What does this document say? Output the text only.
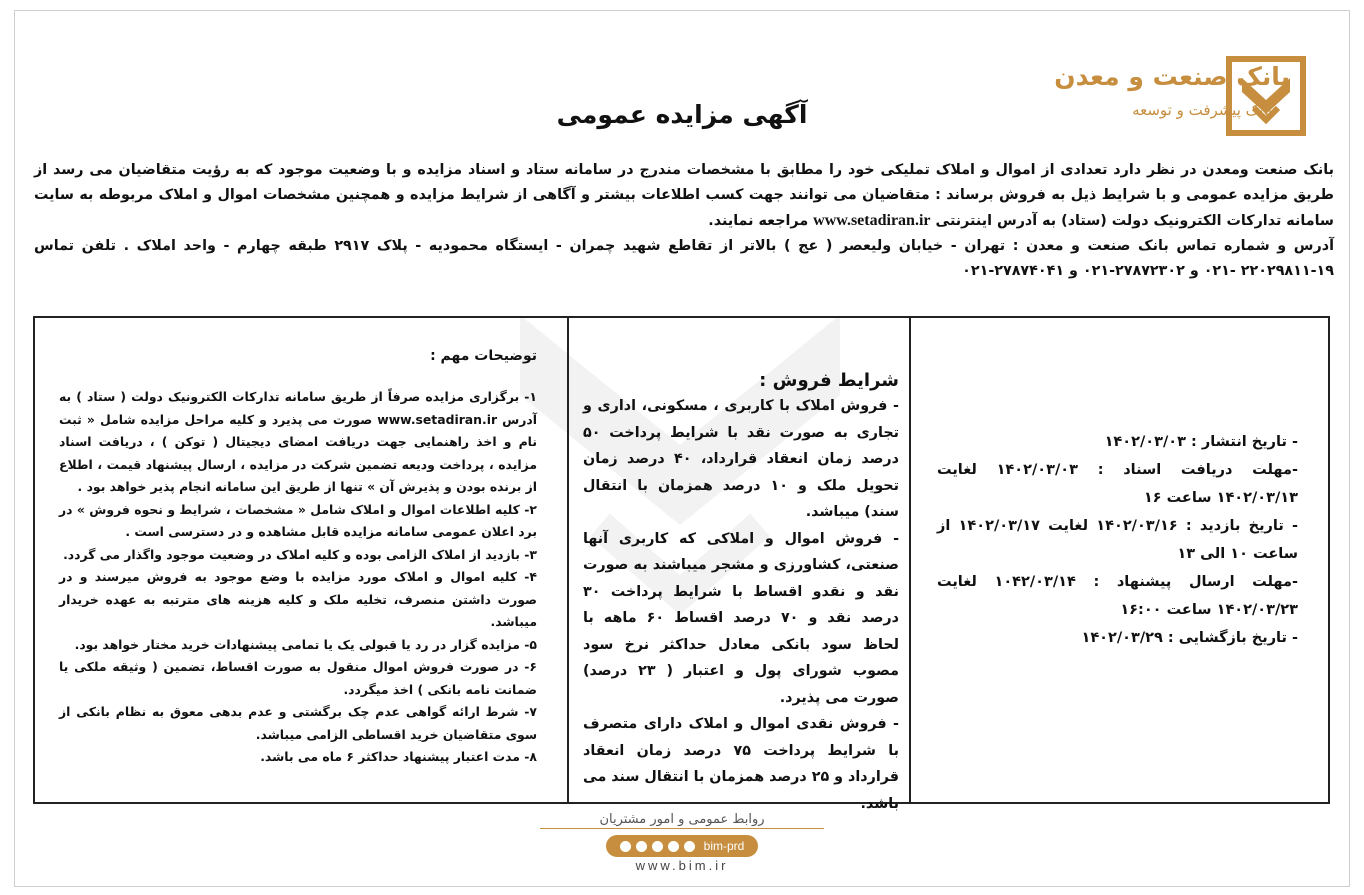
بانک صنعت و معدن
بانک پیشرفت و توسعه
آگهی مزایده عمومی

بانک صنعت ومعدن در نظر دارد تعدادی از اموال و املاک تملیکی خود را مطابق با مشخصات مندرج در سامانه ستاد و اسناد مزایده و با وضعیت موجود که به رؤیت متقاضیان می رسد از طریق مزایده عمومی و با شرایط ذیل به فروش برساند : متقاضیان می توانند جهت کسب اطلاعات بیشتر و آگاهی از شرایط مزایده و همچنین مشخصات اموال و املاک مربوطه به سایت سامانه تدارکات الکترونیک دولت (ستاد) به آدرس اینترنتی www.setadiran.ir مراجعه نمایند.

آدرس و شماره تماس بانک صنعت و معدن : تهران - خیابان ولیعصر ( عج ) بالاتر از تقاطع شهید چمران - ایستگاه محمودیه - پلاک ۲۹۱۷ طبقه چهارم - واحد املاک . تلفن تماس ۱۹-۲۲۰۲۹۸۱۱ -۰۲۱ و ۲۷۸۷۲۳۰۲-۰۲۱ و ۲۷۸۷۴۰۴۱-۰۲۱

- تاریخ انتشار : ۱۴۰۲/۰۳/۰۳
-مهلت دریافت اسناد : ۱۴۰۲/۰۳/۰۳ لغایت ۱۴۰۲/۰۳/۱۳ ساعت ۱۶
- تاریخ بازدید : ۱۴۰۲/۰۳/۱۶ لغایت ۱۴۰۲/۰۳/۱۷ از ساعت ۱۰ الی ۱۳
-مهلت ارسال پیشنهاد : ۱۰۴۲/۰۳/۱۴ لغایت ۱۴۰۲/۰۳/۲۳ ساعت ۱۶:۰۰
- تاریخ بازگشایی : ۱۴۰۲/۰۳/۲۹
شرایط فروش :

- فروش املاک با کاربری ، مسکونی، اداری و تجاری به صورت نقد با شرایط پرداخت ۵۰ درصد زمان انعقاد قرارداد، ۴۰ درصد زمان تحویل ملک و ۱۰ درصد همزمان با انتقال سند) میباشد.

- فروش اموال و املاکی که کاربری آنها صنعتی، کشاورزی و مشجر میباشند به صورت نقد و نقدو اقساط با شرایط پرداخت ۳۰ درصد نقد و ۷۰ درصد اقساط ۶۰ ماهه با لحاظ سود بانکی معادل حداکثر نرخ سود مصوب شورای پول و اعتبار ( ۲۳ درصد) صورت می پذیرد.

- فروش نقدی اموال و املاک دارای متصرف با شرایط پرداخت ۷۵ درصد زمان انعقاد قرارداد و ۲۵ درصد همزمان با انتقال سند می باشد.

توضیحات مهم :
۱- برگزاری مزایده صرفاً از طریق سامانه تدارکات الکترونیک دولت ( ستاد ) به آدرس www.setadiran.ir صورت می پذیرد و کلیه مراحل مزایده شامل « ثبت نام و اخذ راهنمایی جهت دریافت امضای دیجیتال ( توکن ) ، دریافت اسناد مزایده ، پرداخت ودیعه تضمین شرکت در مزایده ، ارسال پیشنهاد قیمت ، اطلاع از برنده بودن و پذیرش آن » تنها از طریق این سامانه انجام پذیر خواهد بود .
۲- کلیه اطلاعات اموال و املاک شامل « مشخصات ، شرایط و نحوه فروش » در برد اعلان عمومی سامانه مزایده قابل مشاهده و در دسترسی است .
۳- بازدید از املاک الزامی بوده و کلیه املاک در وضعیت موجود واگذار می گردد.
۴- کلیه اموال و املاک مورد مزایده با وضع موجود به فروش میرسند و در صورت داشتن منصرف، تخلیه ملک و کلیه هزینه های مترتبه به عهده خریدار میباشد.
۵- مزایده گزار در رد یا قبولی یک یا تمامی پیشنهادات خرید مختار خواهد بود.
۶- در صورت فروش اموال منقول به صورت اقساط، تضمین ( وثیقه ملکی یا ضمانت نامه بانکی ) اخذ میگردد.
۷- شرط ارائه گواهی عدم چک برگشتی و عدم بدهی معوق به نظام بانکی از سوی متقاضیان خرید اقساطی الزامی میباشد.
۸- مدت اعتبار پیشنهاد حداکثر ۶ ماه می باشد.
روابط عمومی و امور مشتریان
bim-prd
www.bim.ir
